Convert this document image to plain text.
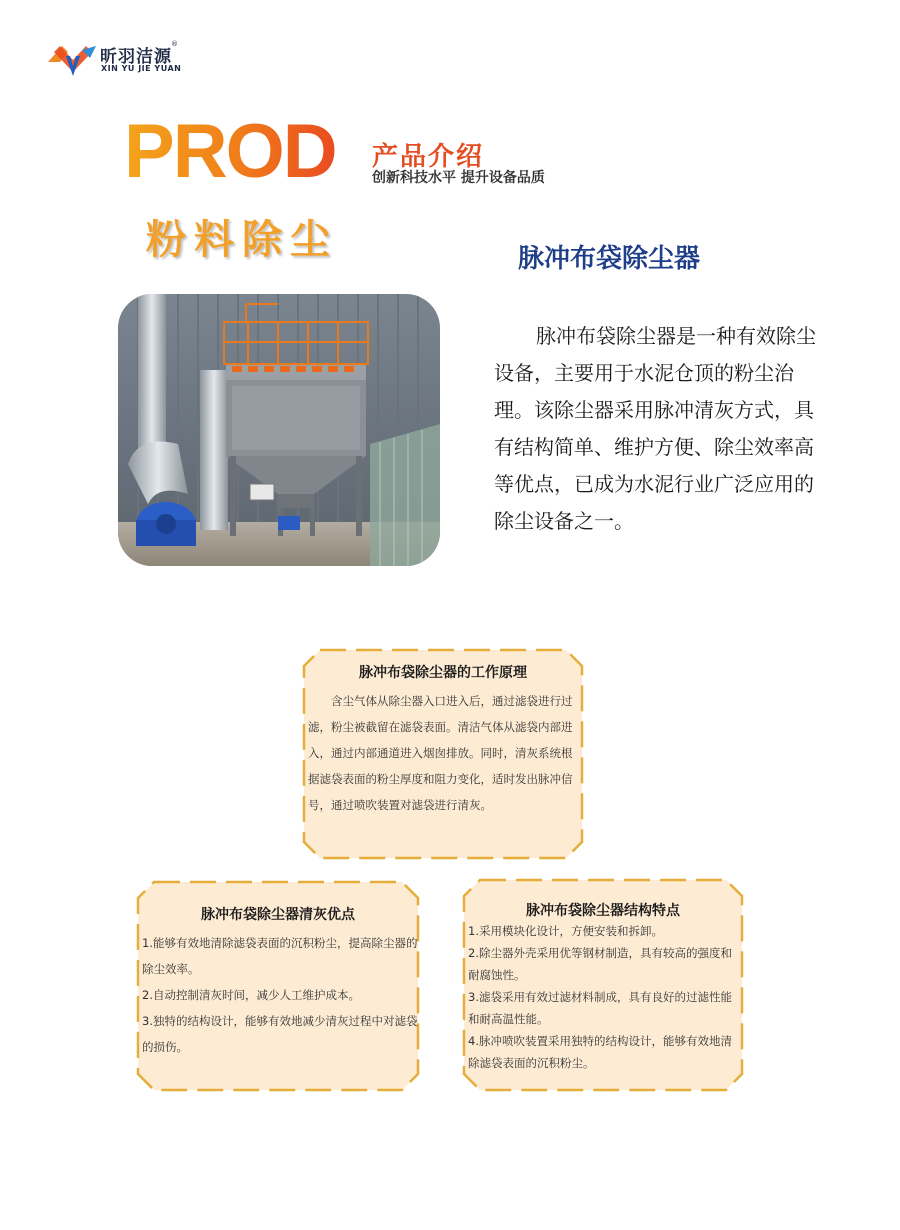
昕羽洁源
XIN YU JIE YUAN
®
PROD 产品介绍
创新科技水平 提升设备品质
粉料除尘	脉冲布袋除尘器

脉冲布袋除尘器是一种有效除尘设备，主要用于水泥仓顶的粉尘治理。该除尘器采用脉冲清灰方式，具有结构简单、维护方便、除尘效率高等优点，已成为水泥行业广泛应用的除尘设备之一。

脉冲布袋除尘器的工作原理

含尘气体从除尘器入口进入后，通过滤袋进行过滤，粉尘被截留在滤袋表面。清洁气体从滤袋内部进入，通过内部通道进入烟囱排放。同时，清灰系统根据滤袋表面的粉尘厚度和阻力变化，适时发出脉冲信号，通过喷吹装置对滤袋进行清灰。

脉冲布袋除尘器清灰优点

1.能够有效地清除滤袋表面的沉积粉尘，提高除尘器的除尘效率。

2.自动控制清灰时间，减少人工维护成本。

3.独特的结构设计，能够有效地减少清灰过程中对滤袋的损伤。

脉冲布袋除尘器结构特点

1.采用模块化设计，方便安装和拆卸。

2.除尘器外壳采用优等钢材制造，具有较高的强度和耐腐蚀性。

3.滤袋采用有效过滤材料制成，具有良好的过滤性能和耐高温性能。

4.脉冲喷吹装置采用独特的结构设计，能够有效地清除滤袋表面的沉积粉尘。
